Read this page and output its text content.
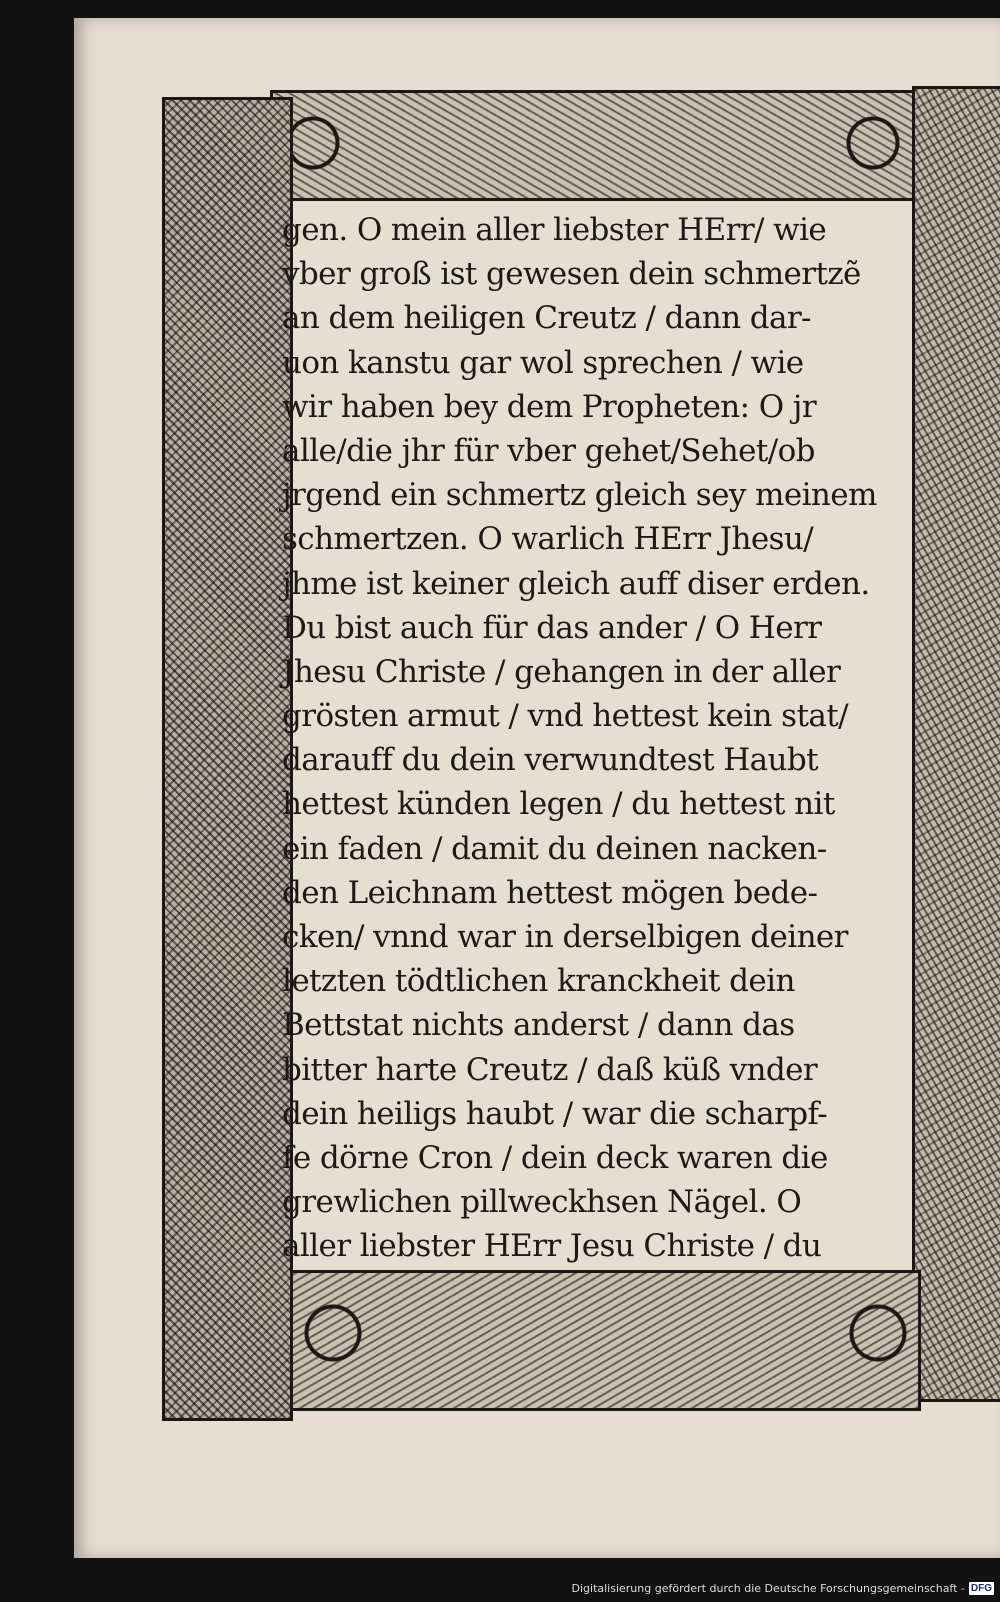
gen. O mein aller liebster HErr/ wie
vber groß ist gewesen dein schmertzẽ
an dem heiligen Creutz / dann dar-
uon kanstu gar wol sprechen / wie
wir haben bey dem Propheten: O jr
alle/die jhr für vber gehet/Sehet/ob
jrgend ein schmertz gleich sey meinem
schmertzen. O warlich HErr Jhesu/
jhme ist keiner gleich auff diser erden.
Du bist auch für das ander / O Herr
Jhesu Christe / gehangen in der aller
grösten armut / vnd hettest kein stat/
darauff du dein verwundtest Haubt
hettest künden legen / du hettest nit
ein faden / damit du deinen nacken-
den Leichnam hettest mögen bede-
cken/ vnnd war in derselbigen deiner
letzten tödtlichen kranckheit dein
Bettstat nichts anderst / dann das
bitter harte Creutz / daß küß vnder
dein heiligs haubt / war die scharpf-
fe dörne Cron / dein deck waren die
grewlichen pillweckhsen Nägel. O
aller liebster HErr Jesu Christe / du
Digitalisierung gefördert durch die Deutsche Forschungsgemeinschaft - DFG
